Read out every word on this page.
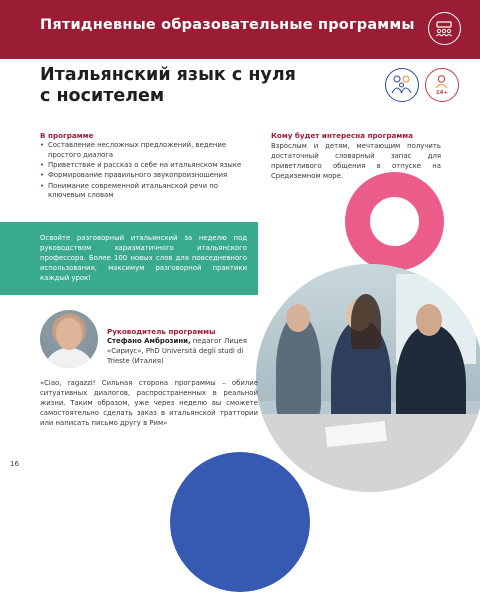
Пятидневные образовательные программы
Итальянский язык с нуля
с носителем	14+
В программе
• Составление несложных предложений, ведение простого диалога
• Приветствие и рассказ о себе на итальянском языке
• Формирование правильного звукопроизношения
• Понимание современной итальянской речи по ключевым словам
Кому будет интересна программа
Взрослым и детям, мечтающим получить достаточный словарный запас для приветливого общения в отпуске на Средиземном море.
Освойте разговорный итальянский за неделю под руководством харизматичного итальянского профессора. Более 100 новых слов для повседневного использования, максимум разговорной практики каждый урок!
Руководитель программы
Стефано Амброзини, педагог Лицея «Сириус», PhD Università degli studi di Trieste (Италия)
«Ciao, ragazzi! Сильная сторона программы – обилие ситуативных диалогов, распространенных в реальной жизни. Таким образом, уже через неделю вы сможете самостоятельно сделать заказ в итальянской траттории или написать письмо другу в Рим»
16
